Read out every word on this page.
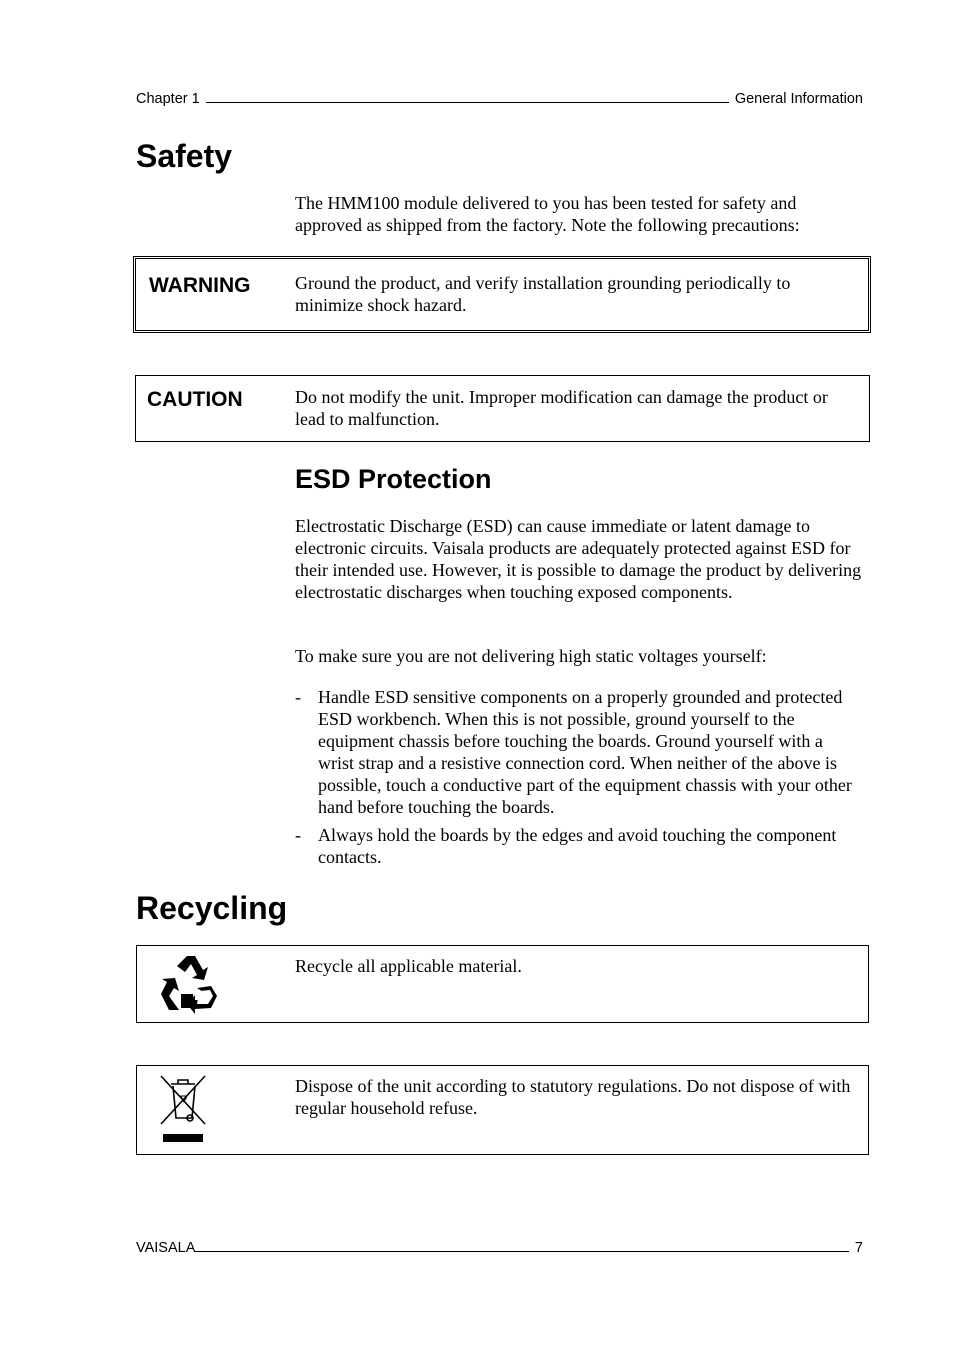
Chapter 1	General Information
Safety

The HMM100 module delivered to you has been tested for safety and approved as shipped from the factory. Note the following precautions:

WARNING Ground the product, and verify installation grounding periodically to minimize shock hazard.
CAUTION	Do not modify the unit. Improper modification can damage the product or lead to malfunction.
ESD Protection

Electrostatic Discharge (ESD) can cause immediate or latent damage to electronic circuits. Vaisala products are adequately protected against ESD for their intended use. However, it is possible to damage the product by delivering electrostatic discharges when touching exposed components.

To make sure you are not delivering high static voltages yourself:

- Handle ESD sensitive components on a properly grounded and protected ESD workbench. When this is not possible, ground yourself to the equipment chassis before touching the boards. Ground yourself with a wrist strap and a resistive connection cord. When neither of the above is possible, touch a conductive part of the equipment chassis with your other hand before touching the boards.
- Always hold the boards by the edges and avoid touching the component contacts.
Recycling
Recycle all applicable material.
Dispose of the unit according to statutory regulations. Do not dispose of with regular household refuse.
VAISALA	7
